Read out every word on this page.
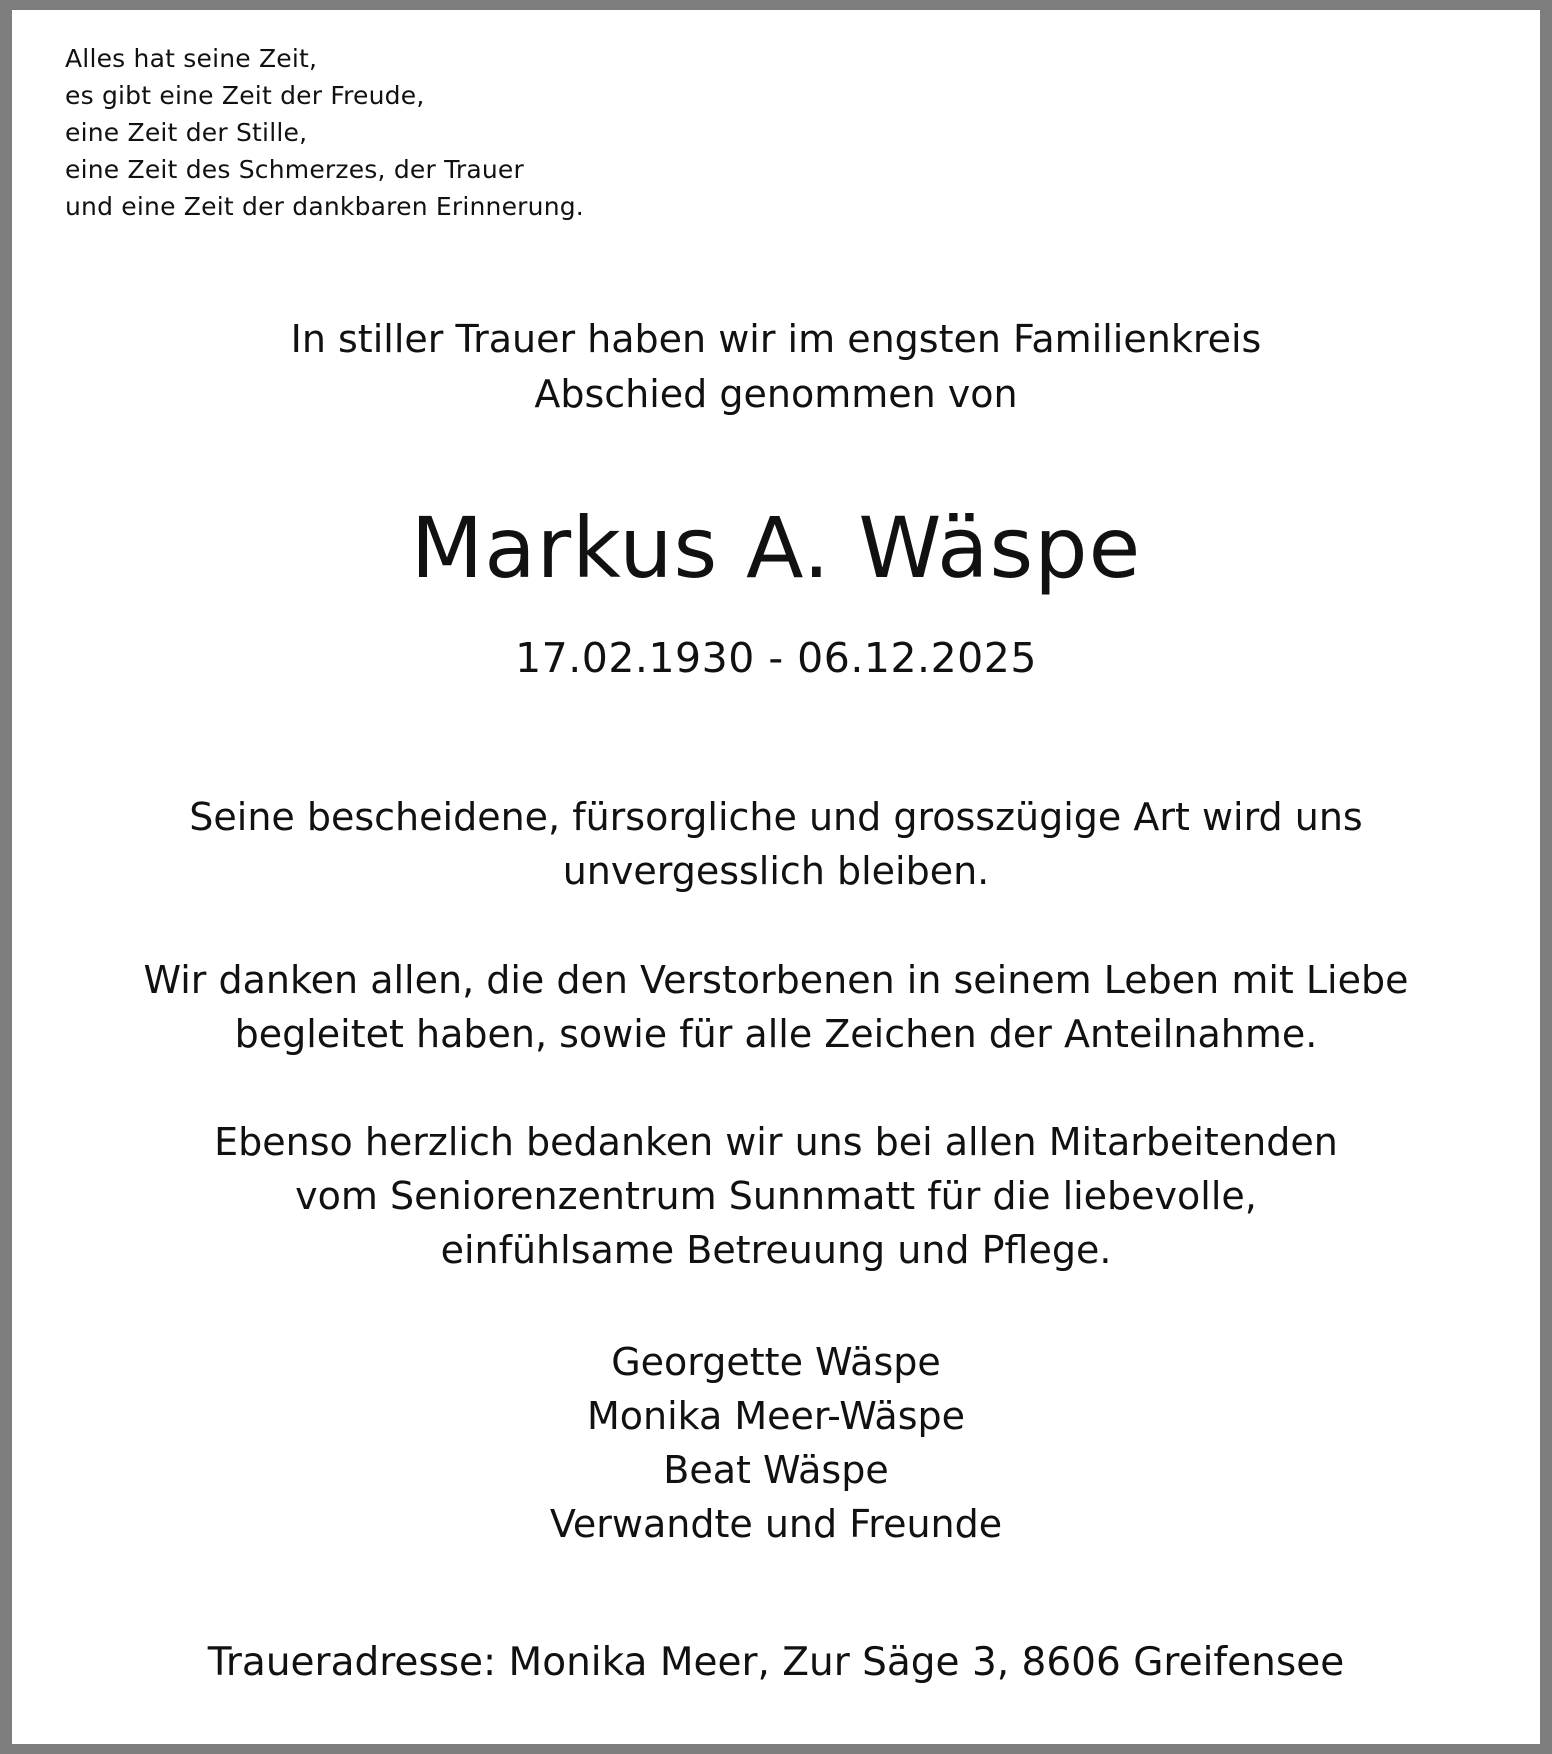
Alles hat seine Zeit,
es gibt eine Zeit der Freude,
eine Zeit der Stille,
eine Zeit des Schmerzes, der Trauer
und eine Zeit der dankbaren Erinnerung.
In stiller Trauer haben wir im engsten Familienkreis
Abschied genommen von
Markus A. Wäspe
17.02.1930 - 06.12.2025
Seine bescheidene, fürsorgliche und grosszügige Art wird uns
unvergesslich bleiben.
Wir danken allen, die den Verstorbenen in seinem Leben mit Liebe
begleitet haben, sowie für alle Zeichen der Anteilnahme.
Ebenso herzlich bedanken wir uns bei allen Mitarbeitenden
vom Seniorenzentrum Sunnmatt für die liebevolle,
einfühlsame Betreuung und Pflege.
Georgette Wäspe
Monika Meer-Wäspe
Beat Wäspe
Verwandte und Freunde
Traueradresse: Monika Meer, Zur Säge 3, 8606 Greifensee
